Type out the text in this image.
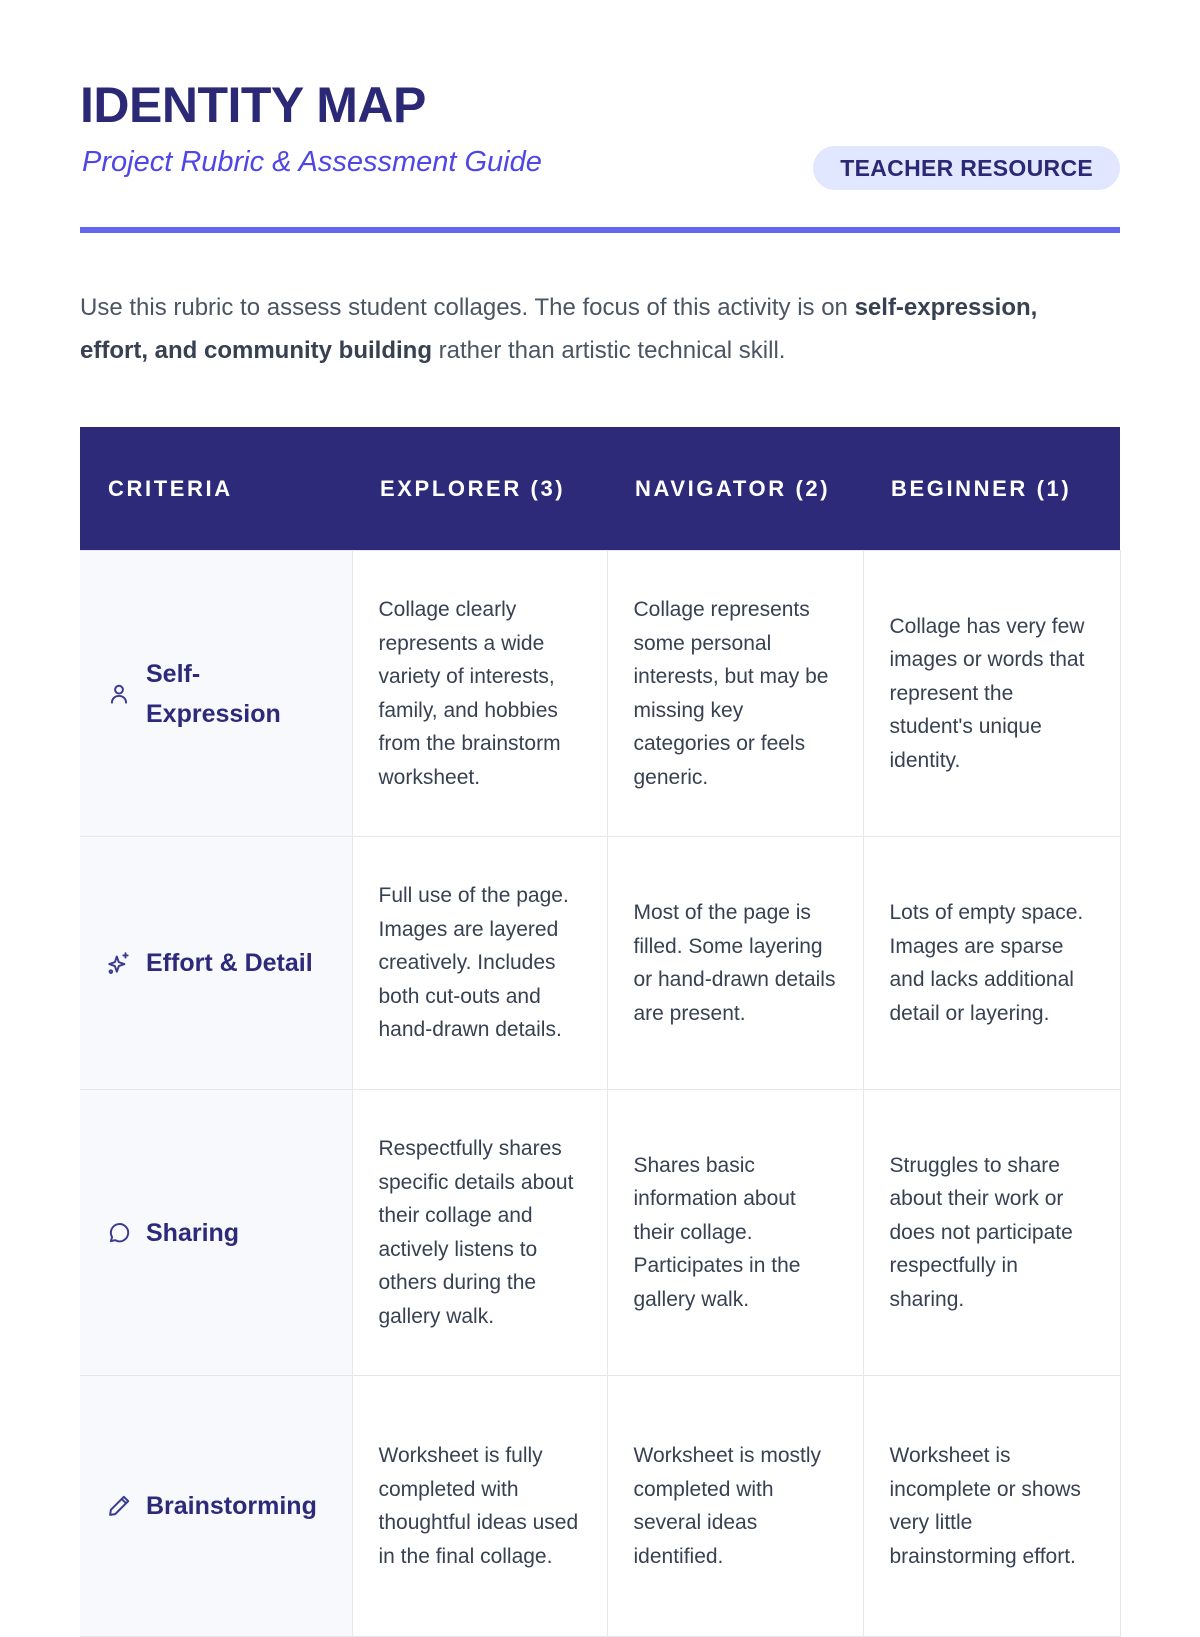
IDENTITY MAP
Project Rubric & Assessment Guide	TEACHER RESOURCE

Use this rubric to assess student collages. The focus of this activity is on self-expression, effort, and community building rather than artistic technical skill.

CRITERIA	EXPLORER (3)	NAVIGATOR (2)	BEGINNER (1)

Self-Expression	Collage clearly represents a wide variety of interests, family, and hobbies from the brainstorm worksheet.	Collage represents some personal interests, but may be missing key categories or feels generic.	Collage has very few images or words that represent the student's unique identity.

Effort & Detail	Full use of the page. Images are layered creatively. Includes both cut-outs and hand-drawn details.	Most of the page is filled. Some layering or hand-drawn details are present.	Lots of empty space. Images are sparse and lacks additional detail or layering.

Sharing	Respectfully shares specific details about their collage and actively listens to others during the gallery walk.	Shares basic information about their collage. Participates in the gallery walk.	Struggles to share about their work or does not participate respectfully in sharing.

Brainstorming	Worksheet is fully completed with thoughtful ideas used in the final collage.	Worksheet is mostly completed with several ideas identified.	Worksheet is incomplete or shows very little brainstorming effort.
